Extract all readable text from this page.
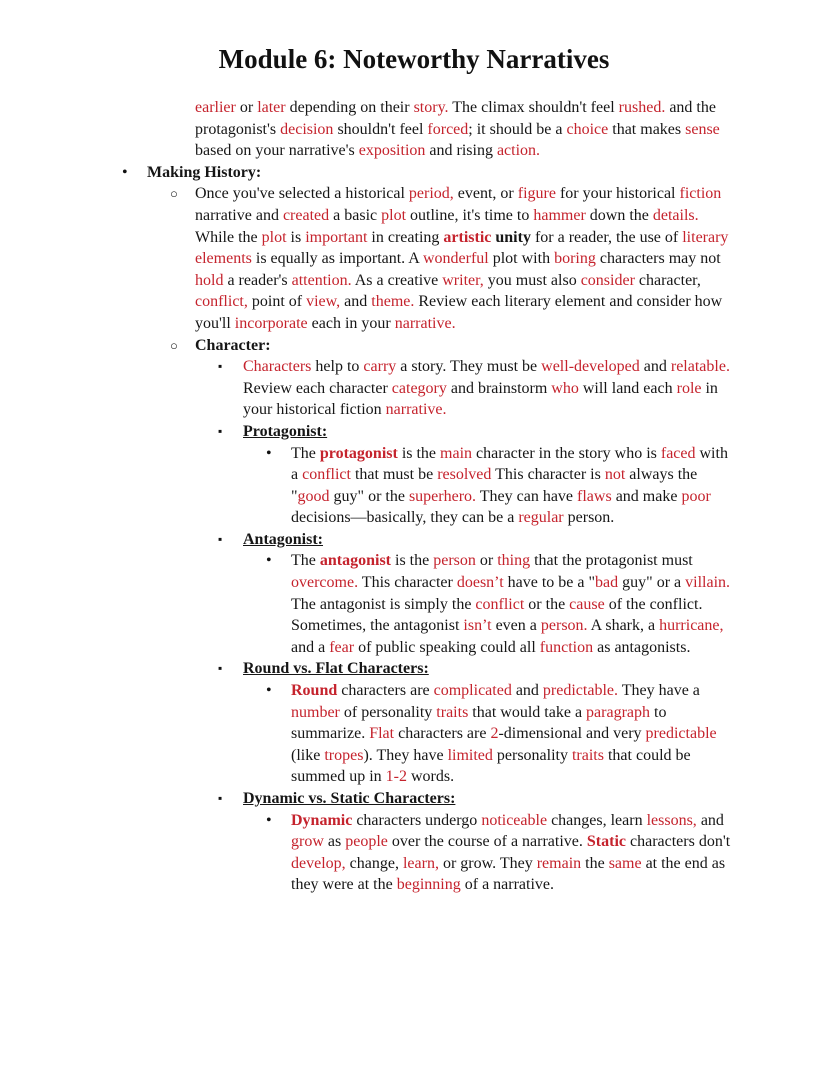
Module 6: Noteworthy Narratives
earlier or later depending on their story. The climax shouldn't feel rushed. and the protagonist's decision shouldn't feel forced; it should be a choice that makes sense based on your narrative's exposition and rising action.
•	Making History:
○	Once you've selected a historical period, event, or figure for your historical fiction narrative and created a basic plot outline, it's time to hammer down the details. While the plot is important in creating artistic unity for a reader, the use of literary elements is equally as important. A wonderful plot with boring characters may not hold a reader's attention. As a creative writer, you must also consider character, conflict, point of view, and theme. Review each literary element and consider how you'll incorporate each in your narrative.
○	Character:
▪	Characters help to carry a story. They must be well-developed and relatable. Review each character category and brainstorm who will land each role in your historical fiction narrative.
▪	Protagonist:
•	The protagonist is the main character in the story who is faced with a conflict that must be resolved This character is not always the "good guy" or the superhero. They can have flaws and make poor decisions—basically, they can be a regular person.
▪	Antagonist:
•	The antagonist is the person or thing that the protagonist must overcome. This character doesn’t have to be a "bad guy" or a villain. The antagonist is simply the conflict or the cause of the conflict. Sometimes, the antagonist isn’t even a person. A shark, a hurricane, and a fear of public speaking could all function as antagonists.
▪	Round vs. Flat Characters:
•	Round characters are complicated and predictable. They have a number of personality traits that would take a paragraph to summarize. Flat characters are 2-dimensional and very predictable (like tropes). They have limited personality traits that could be summed up in 1-2 words.
▪	Dynamic vs. Static Characters:
•	Dynamic characters undergo noticeable changes, learn lessons, and grow as people over the course of a narrative. Static characters don't develop, change, learn, or grow. They remain the same at the end as they were at the beginning of a narrative.
